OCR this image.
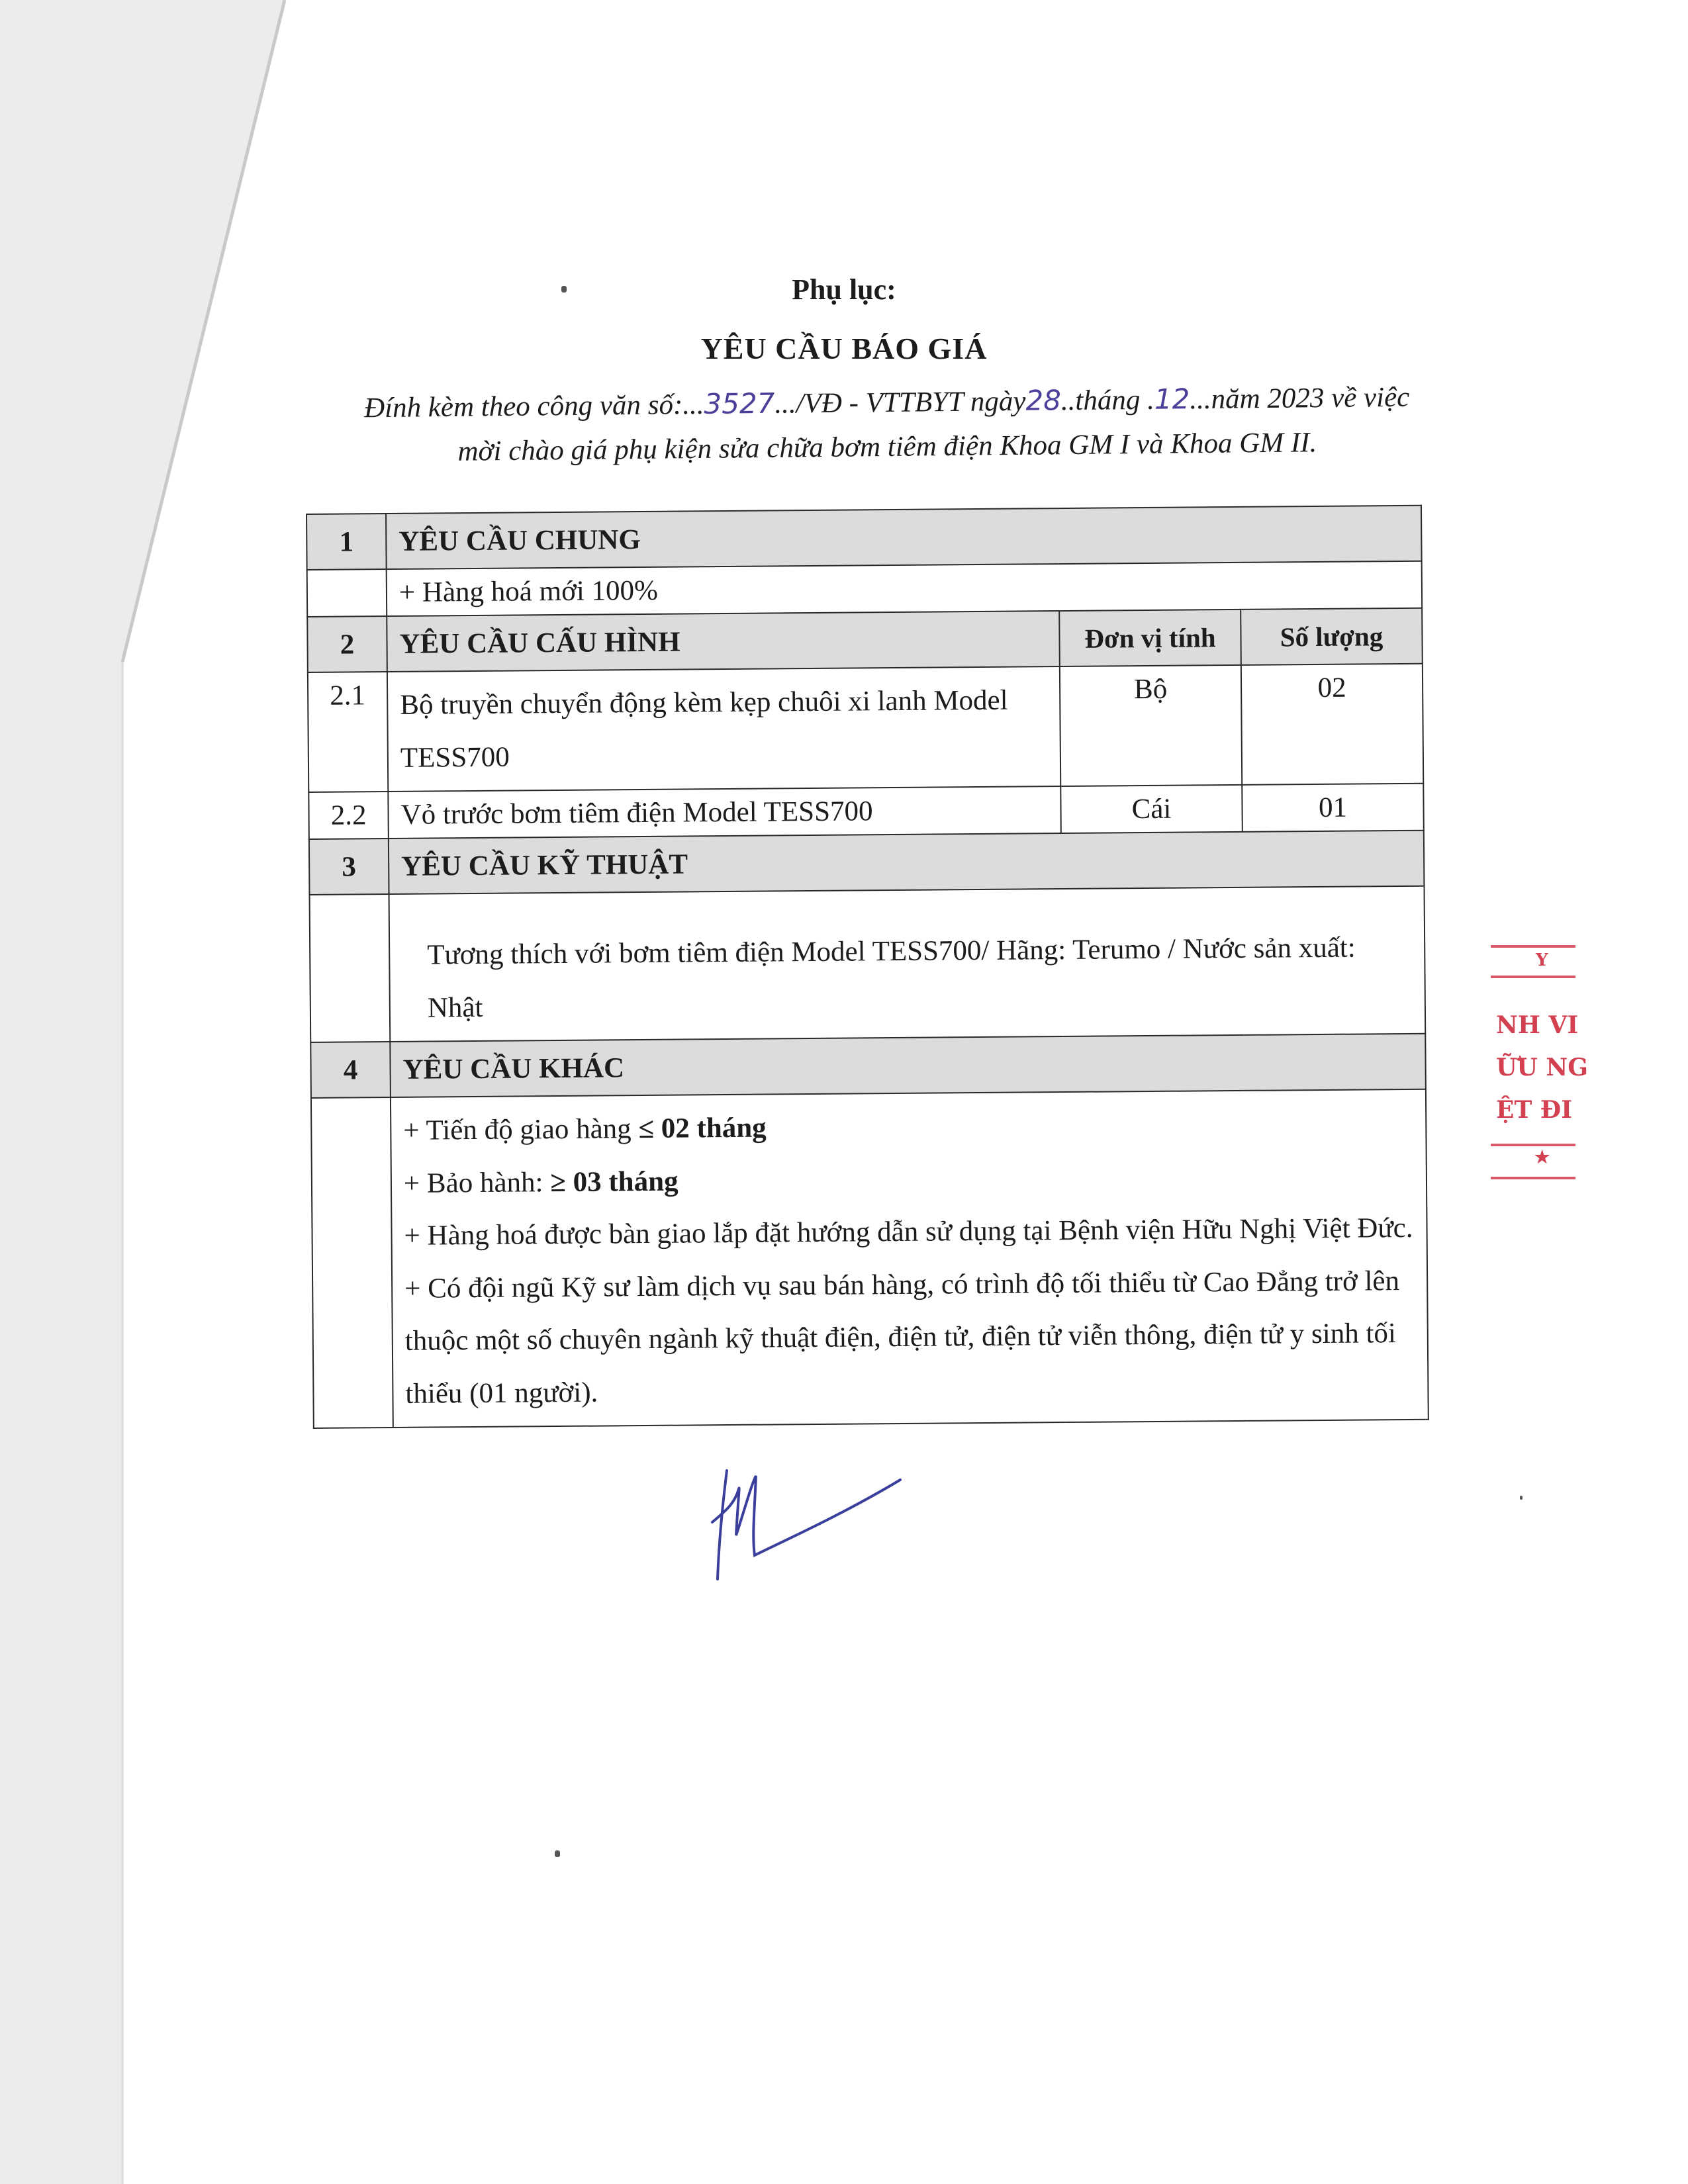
Phụ lục:
YÊU CẦU BÁO GIÁ
Đính kèm theo công văn số:...3527.../VĐ - VTTBYT ngày28..tháng .12...năm 2023 về việc
mời chào giá phụ kiện sửa chữa bơm tiêm điện Khoa GM I và Khoa GM II.
1	YÊU CẦU CHUNG		
	+ Hàng hoá mới 100%		
2	YÊU CẦU CẤU HÌNH	Đơn vị tính	Số lượng
2.1	Bộ truyền chuyển động kèm kẹp chuôi xi lanh Model TESS700	Bộ	02
2.2	Vỏ trước bơm tiêm điện Model TESS700	Cái	01
3	YÊU CẦU KỸ THUẬT		

	Tương thích với bơm tiêm điện Model TESS700/ Hãng: Terumo / Nước sản xuất: Nhật		

4	YÊU CẦU KHÁC		

	+ Tiến độ giao hàng ≤ 02 tháng

+ Bảo hành: ≥ 03 tháng

+ Hàng hoá được bàn giao lắp đặt hướng dẫn sử dụng tại Bệnh viện Hữu Nghị Việt Đức.

+ Có đội ngũ Kỹ sư làm dịch vụ sau bán hàng, có trình độ tối thiểu từ Cao Đẳng trở lên thuộc một số chuyên ngành kỹ thuật điện, điện tử, điện tử viễn thông, điện tử y sinh tối thiểu (01 người).		

Y
NH VI
ỮU NG
ỆT ĐI
★
